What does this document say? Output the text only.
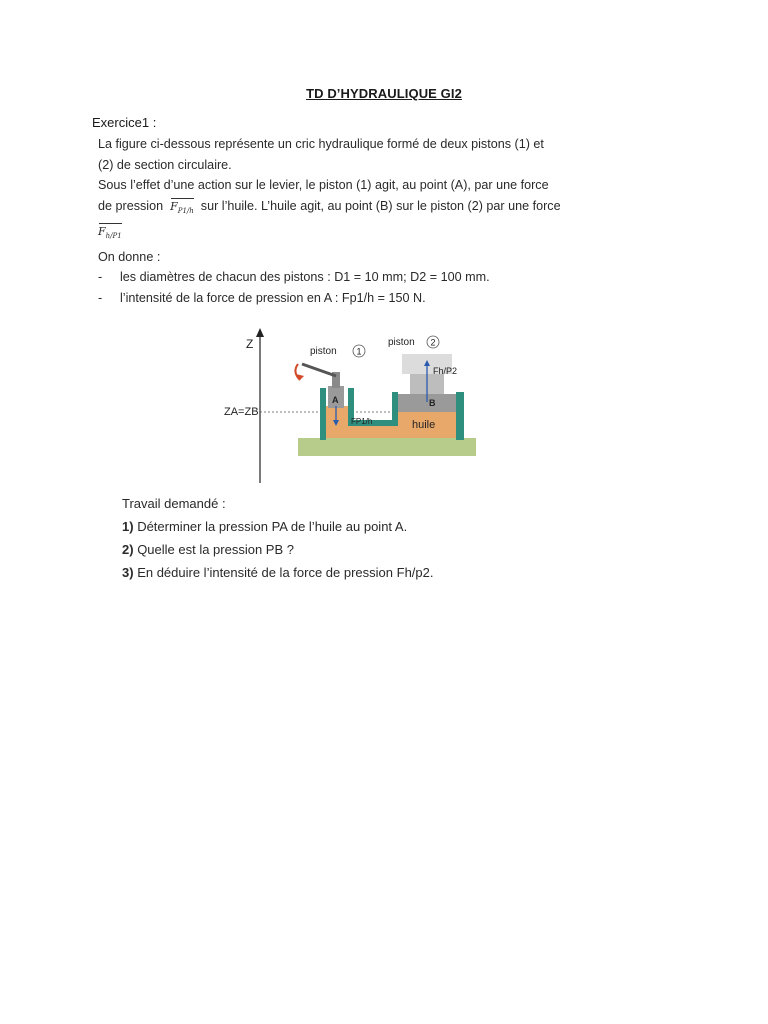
TD D’HYDRAULIQUE GI2
Exercice1 :

La figure ci-dessous représente un cric hydraulique formé de deux pistons (1) et

(2) de section circulaire.

Sous l’effet d’une action sur le levier, le piston (1) agit, au point (A), par une force

de pression $F_{P1/h}$ sur l’huile. L’huile agit, au point (B) sur le piston (2) par une force

$F_{h/P1}$

On donne :

- les diamètres de chacun des pistons : D1 = 10 mm; D2 = 100 mm.

- l’intensité de la force de pression en A : Fp1/h = 150 N.

Z
ZA=ZB
huile
A
FP1/h
piston 1
B
Fh/P2
piston 2
Travail demandé :
1) Déterminer la pression PA de l’huile au point A.
2) Quelle est la pression PB ?
3) En déduire l’intensité de la force de pression Fh/p2.
